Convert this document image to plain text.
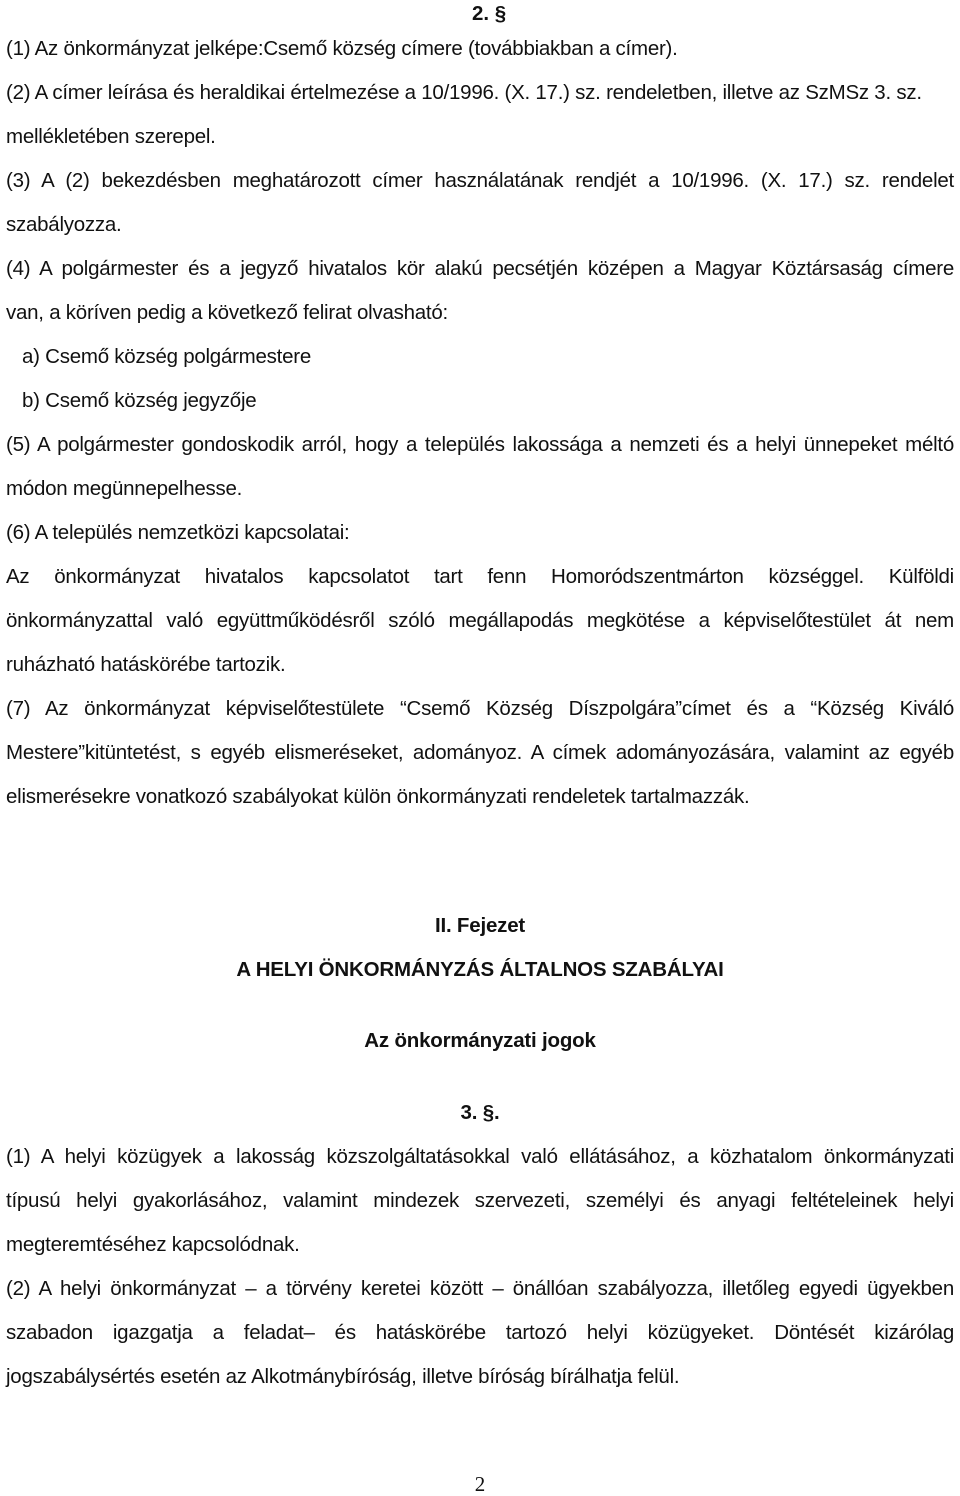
2. §
(1) Az önkormányzat jelképe:Csemő község címere (továbbiakban a címer).
(2) A címer leírása és heraldikai értelmezése a 10/1996. (X. 17.) sz. rendeletben, illetve az SzMSz 3. sz.
mellékletében szerepel.
(3) A (2) bekezdésben meghatározott címer használatának rendjét a 10/1996. (X. 17.) sz. rendelet
szabályozza.
(4) A polgármester és a jegyző hivatalos kör alakú pecsétjén középen a Magyar Köztársaság címere
van, a köríven pedig a következő felirat olvasható:
a) Csemő község polgármestere
b) Csemő község jegyzője
(5) A polgármester gondoskodik arról, hogy a település lakossága a nemzeti és a helyi ünnepeket méltó
módon megünnepelhesse.
(6) A település nemzetközi kapcsolatai:
Az önkormányzat hivatalos kapcsolatot tart fenn Homoródszentmárton községgel. Külföldi
önkormányzattal való együttműködésről szóló megállapodás megkötése a képviselőtestület át nem
ruházható hatáskörébe tartozik.
(7) Az önkormányzat képviselőtestülete “Csemő Község Díszpolgára”címet és a “Község Kiváló
Mestere”kitüntetést, s egyéb elismeréseket, adományoz. A címek adományozására, valamint az egyéb
elismerésekre vonatkozó szabályokat külön önkormányzati rendeletek tartalmazzák.
II. Fejezet
A HELYI ÖNKORMÁNYZÁS ÁLTALNOS SZABÁLYAI
Az önkormányzati jogok
3. §.
(1) A helyi közügyek a lakosság közszolgáltatásokkal való ellátásához, a közhatalom önkormányzati
típusú helyi gyakorlásához, valamint mindezek szervezeti, személyi és anyagi feltételeinek helyi
megteremtéséhez kapcsolódnak.
(2) A helyi önkormányzat – a törvény keretei között – önállóan szabályozza, illetőleg egyedi ügyekben
szabadon igazgatja a feladat– és hatáskörébe tartozó helyi közügyeket. Döntését kizárólag
jogszabálysértés esetén az Alkotmánybíróság, illetve bíróság bírálhatja felül.
2
